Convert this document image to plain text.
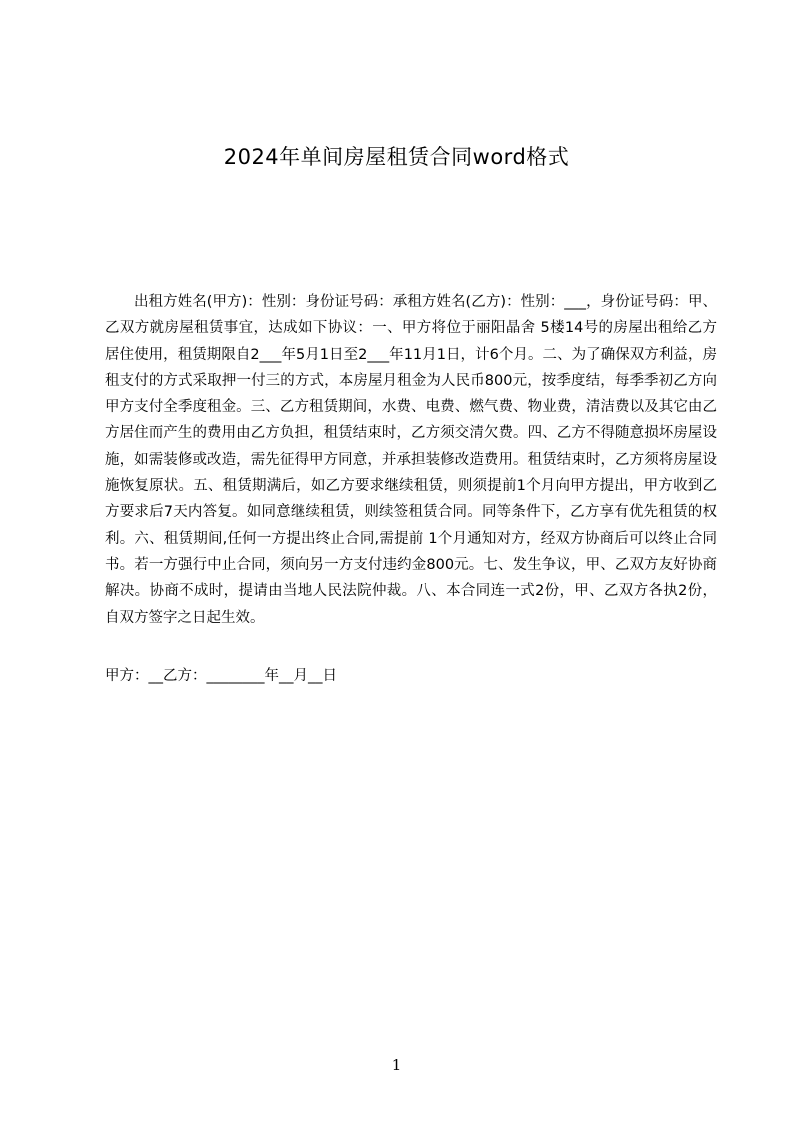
2024年单间房屋租赁合同word格式

出租方姓名(甲方)：性别：身份证号码：承租方姓名(乙方)：性别：___，身份证号码：甲、乙双方就房屋租赁事宜，达成如下协议：一、甲方将位于丽阳晶舍 5楼14号的房屋出租给乙方居住使用，租赁期限自2___年5月1日至2___年11月1日，计6个月。二、为了确保双方利益，房租支付的方式采取押一付三的方式，本房屋月租金为人民币800元，按季度结，每季季初乙方向甲方支付全季度租金。三、乙方租赁期间，水费、电费、燃气费、物业费，清洁费以及其它由乙方居住而产生的费用由乙方负担，租赁结束时，乙方须交清欠费。四、乙方不得随意损坏房屋设施，如需装修或改造，需先征得甲方同意，并承担装修改造费用。租赁结束时，乙方须将房屋设施恢复原状。五、租赁期满后，如乙方要求继续租赁，则须提前1个月向甲方提出，甲方收到乙方要求后7天内答复。如同意继续租赁，则续签租赁合同。同等条件下，乙方享有优先租赁的权利。六、租赁期间,任何一方提出终止合同,需提前 1个月通知对方，经双方协商后可以终止合同书。若一方强行中止合同，须向另一方支付违约金800元。七、发生争议，甲、乙双方友好协商解决。协商不成时，提请由当地人民法院仲裁。八、本合同连一式2份，甲、乙双方各执2份，自双方签字之日起生效。

甲方：__乙方：________年__月__日
1
